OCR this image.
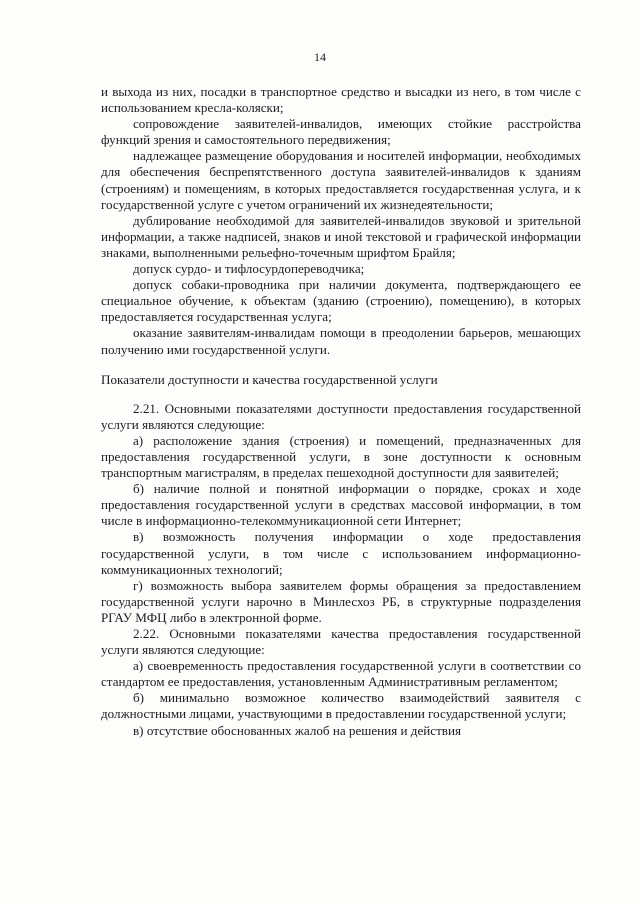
14

и выхода из них, посадки в транспортное средство и высадки из него, в том числе с использованием кресла-коляски;

сопровождение заявителей-инвалидов, имеющих стойкие расстройства функций зрения и самостоятельного передвижения;

надлежащее размещение оборудования и носителей информации, необходимых для обеспечения беспрепятственного доступа заявителей-инвалидов к зданиям (строениям) и помещениям, в которых предоставляется государственная услуга, и к государственной услуге с учетом ограничений их жизнедеятельности;

дублирование необходимой для заявителей-инвалидов звуковой и зрительной информации, а также надписей, знаков и иной текстовой и графической информации знаками, выполненными рельефно-точечным шрифтом Брайля;

допуск сурдо- и тифлосурдопереводчика;

допуск собаки-проводника при наличии документа, подтверждающего ее специальное обучение, к объектам (зданию (строению), помещению), в которых предоставляется государственная услуга;

оказание заявителям-инвалидам помощи в преодолении барьеров, мешающих получению ими государственной услуги.

Показатели доступности и качества государственной услуги

2.21. Основными показателями доступности предоставления государственной услуги являются следующие:

а) расположение здания (строения) и помещений, предназначенных для предоставления государственной услуги, в зоне доступности к основным транспортным магистралям, в пределах пешеходной доступности для заявителей;

б) наличие полной и понятной информации о порядке, сроках и ходе предоставления государственной услуги в средствах массовой информации, в том числе в информационно-телекоммуникационной сети Интернет;

в) возможность получения информации о ходе предоставления государственной услуги, в том числе с использованием информационно-коммуникационных технологий;

г) возможность выбора заявителем формы обращения за предоставлением государственной услуги нарочно в Минлесхоз РБ, в структурные подразделения РГАУ МФЦ либо в электронной форме.

2.22. Основными показателями качества предоставления государственной услуги являются следующие:

а) своевременность предоставления государственной услуги в соответствии со стандартом ее предоставления, установленным Административным регламентом;

б) минимально возможное количество взаимодействий заявителя с должностными лицами, участвующими в предоставлении государственной услуги;

в) отсутствие обоснованных жалоб на решения и действия
